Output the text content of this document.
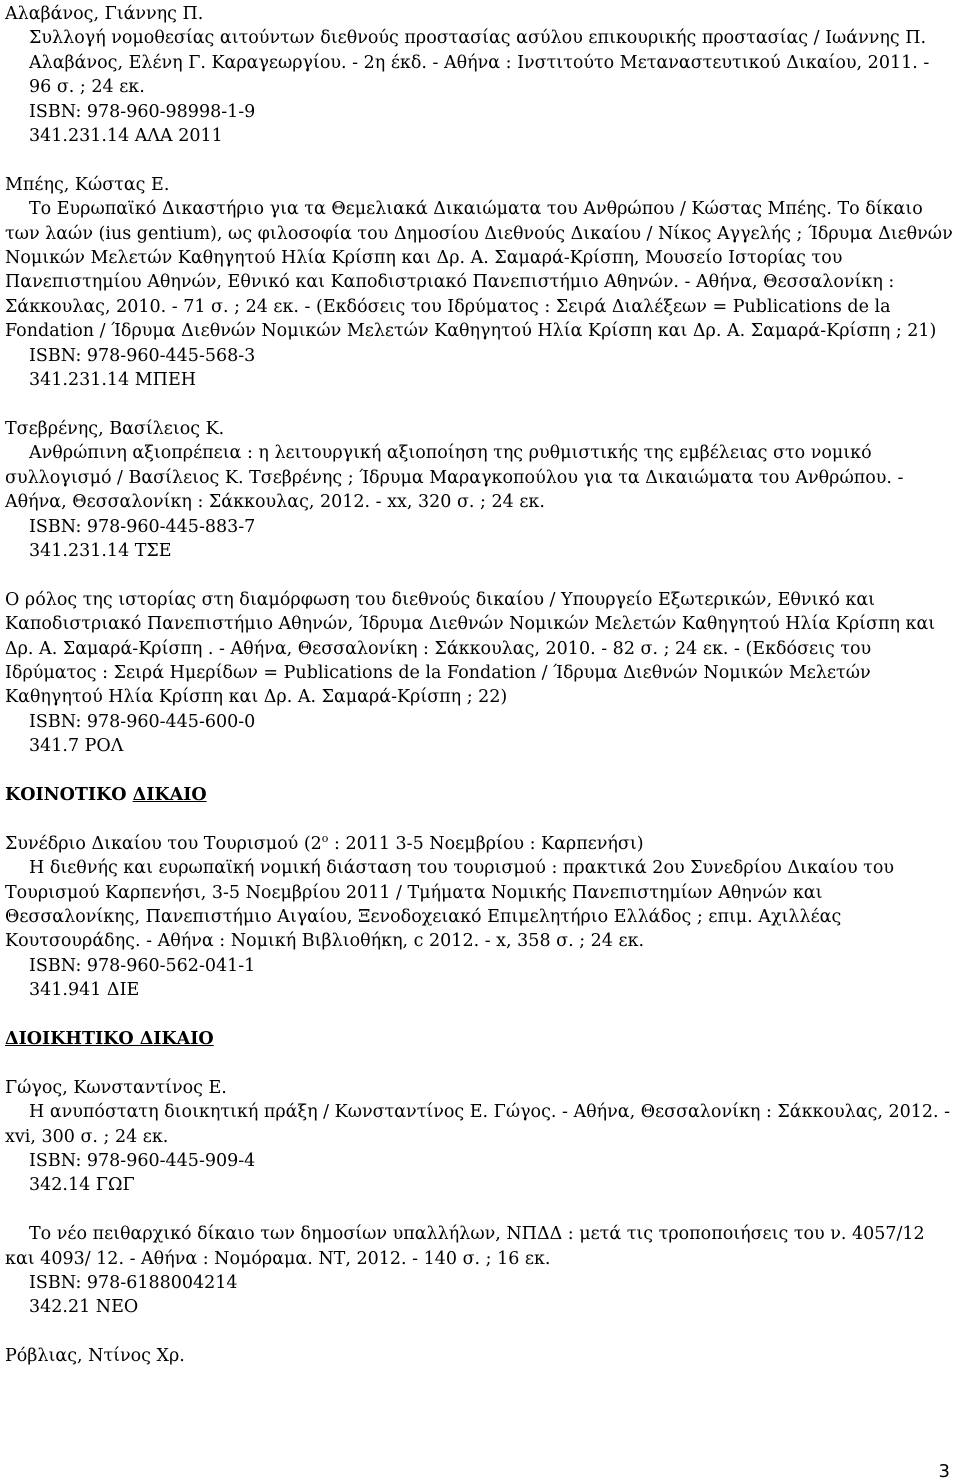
Αλαβάνος, Γιάννης Π.
Συλλογή νομοθεσίας αιτούντων διεθνούς προστασίας ασύλου επικουρικής προστασίας / Ιωάννης Π. Αλαβάνος, Ελένη Γ. Καραγεωργίου. - 2η έκδ. - Αθήνα : Ινστιτούτο Μεταναστευτικού Δικαίου, 2011. - 96 σ. ; 24 εκ.
ISBN: 978-960-98998-1-9
341.231.14 ΑΛΑ 2011
Μπέης, Κώστας Ε.
Το Ευρωπαϊκό Δικαστήριο για τα Θεμελιακά Δικαιώματα του Ανθρώπου / Κώστας Μπέης. Το δίκαιο των λαών (ius gentium), ως φιλοσοφία του Δημοσίου Διεθνούς Δικαίου / Νίκος Αγγελής ; Ίδρυμα Διεθνών Νομικών Μελετών Καθηγητού Ηλία Κρίσπη και Δρ. Α. Σαμαρά-Κρίσπη, Μουσείο Ιστορίας του Πανεπιστημίου Αθηνών, Εθνικό και Καποδιστριακό Πανεπιστήμιο Αθηνών. - Αθήνα, Θεσσαλονίκη : Σάκκουλας, 2010. - 71 σ. ; 24 εκ. - (Εκδόσεις του Ιδρύματος : Σειρά Διαλέξεων = Publications de la Fondation / Ίδρυμα Διεθνών Νομικών Μελετών Καθηγητού Ηλία Κρίσπη και Δρ. Α. Σαμαρά-Κρίσπη ; 21)
ISBN: 978-960-445-568-3
341.231.14 ΜΠΕΗ
Τσεβρένης, Βασίλειος Κ.
Ανθρώπινη αξιοπρέπεια : η λειτουργική αξιοποίηση της ρυθμιστικής της εμβέλειας στο νομικό συλλογισμό / Βασίλειος Κ. Τσεβρένης ; Ίδρυμα Μαραγκοπούλου για τα Δικαιώματα του Ανθρώπου. - Αθήνα, Θεσσαλονίκη : Σάκκουλας, 2012. - xx, 320 σ. ; 24 εκ.
ISBN: 978-960-445-883-7
341.231.14 ΤΣΕ
Ο ρόλος της ιστορίας στη διαμόρφωση του διεθνούς δικαίου / Υπουργείο Εξωτερικών, Εθνικό και Καποδιστριακό Πανεπιστήμιο Αθηνών, Ίδρυμα Διεθνών Νομικών Μελετών Καθηγητού Ηλία Κρίσπη και Δρ. Α. Σαμαρά-Κρίσπη . - Αθήνα, Θεσσαλονίκη : Σάκκουλας, 2010. - 82 σ. ; 24 εκ. - (Εκδόσεις του Ιδρύματος : Σειρά Ημερίδων = Publications de la Fondation / Ίδρυμα Διεθνών Νομικών Μελετών Καθηγητού Ηλία Κρίσπη και Δρ. Α. Σαμαρά-Κρίσπη ; 22)
ISBN: 978-960-445-600-0
341.7 ΡΟΛ
ΚΟΙΝΟΤΙΚΟ ΔΙΚΑΙΟ
Συνέδριο Δικαίου του Τουρισμού ($2^o$ : 2011 3-5 Νοεμβρίου : Καρπενήσι)
Η διεθνής και ευρωπαϊκή νομική διάσταση του τουρισμού : πρακτικά 2ου Συνεδρίου Δικαίου του Τουρισμού Καρπενήσι, 3-5 Νοεμβρίου 2011 / Τμήματα Νομικής Πανεπιστημίων Αθηνών και Θεσσαλονίκης, Πανεπιστήμιο Αιγαίου, Ξενοδοχειακό Επιμελητήριο Ελλάδος ; επιμ. Αχιλλέας Κουτσουράδης. - Αθήνα : Νομική Βιβλιοθήκη, c 2012. - x, 358 σ. ; 24 εκ.
ISBN: 978-960-562-041-1
341.941 ΔΙΕ
ΔΙΟΙΚΗΤΙΚΟ ΔΙΚΑΙΟ
Γώγος, Κωνσταντίνος Ε.
Η ανυπόστατη διοικητική πράξη / Κωνσταντίνος Ε. Γώγος. - Αθήνα, Θεσσαλονίκη : Σάκκουλας, 2012. - xvi, 300 σ. ; 24 εκ.
ISBN: 978-960-445-909-4
342.14 ΓΩΓ
Το νέο πειθαρχικό δίκαιο των δημοσίων υπαλλήλων, ΝΠΔΔ : μετά τις τροποποιήσεις του ν. 4057/12 και 4093/ 12. - Αθήνα : Νομόραμα. ΝΤ, 2012. - 140 σ. ; 16 εκ.
ISBN: 978-6188004214
342.21 ΝΕΟ
Ρόβλιας, Ντίνος Χρ.
3
